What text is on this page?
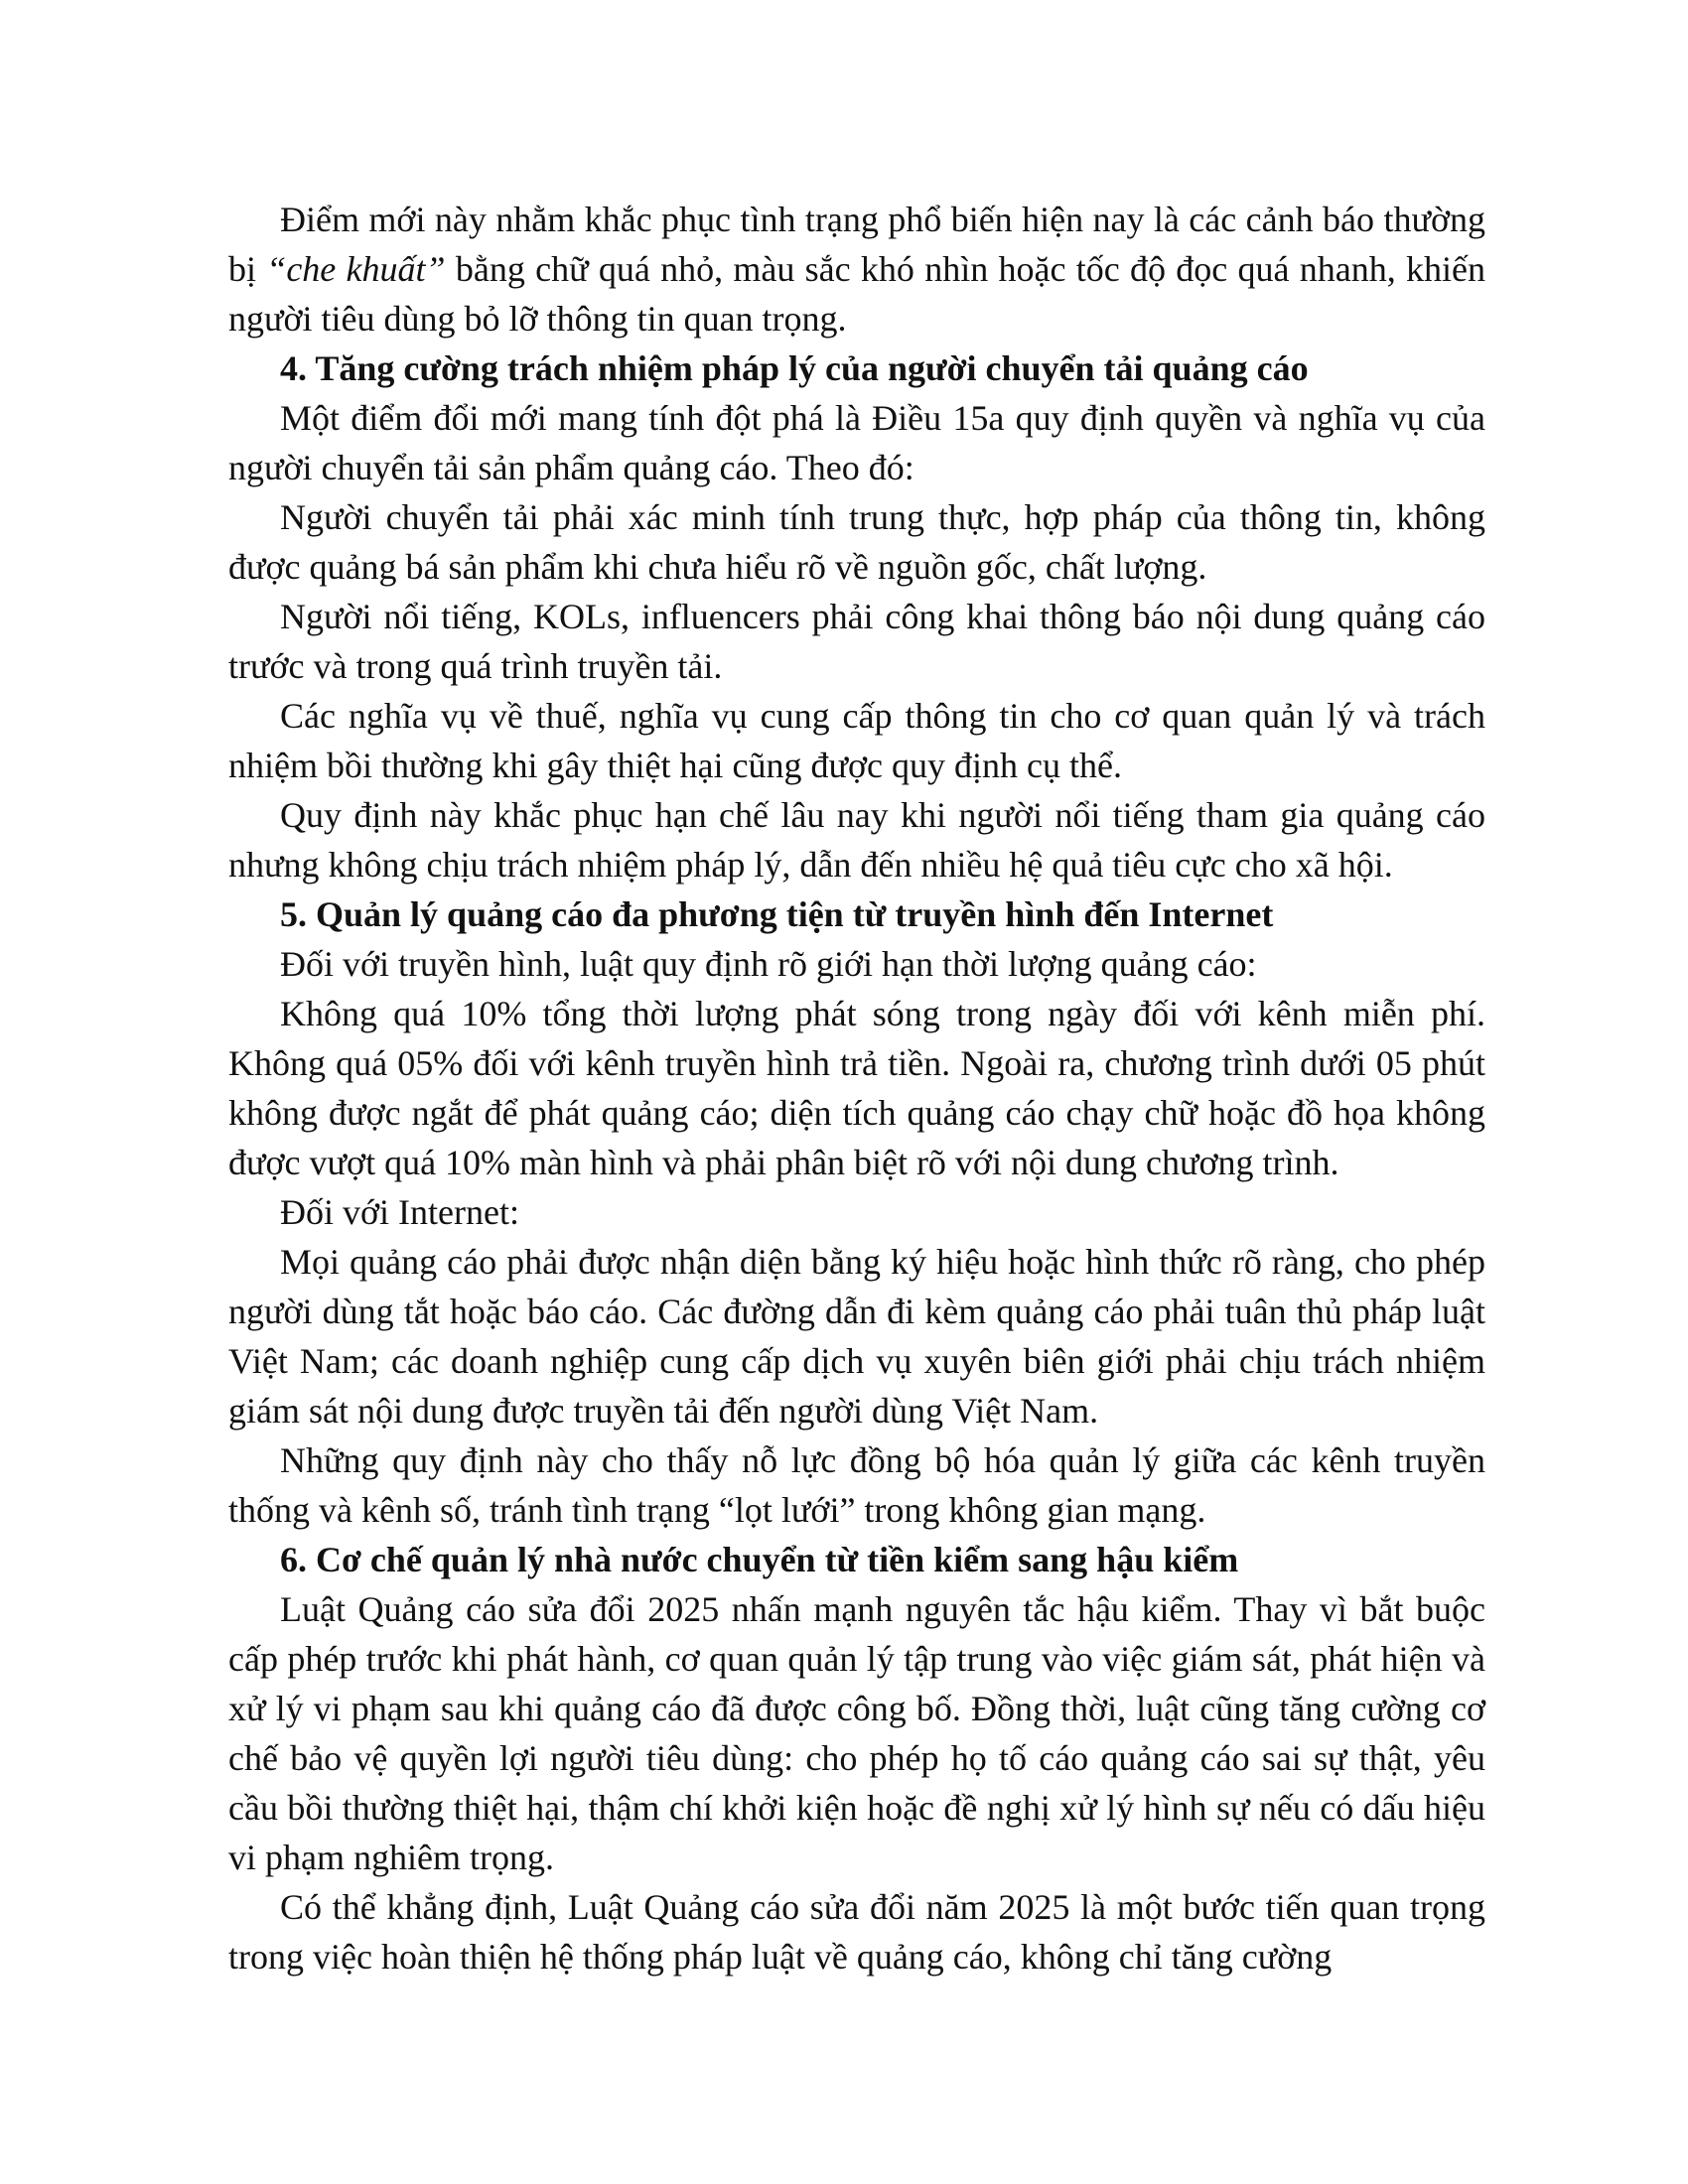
Điểm mới này nhằm khắc phục tình trạng phổ biến hiện nay là các cảnh báo thường bị “che khuất” bằng chữ quá nhỏ, màu sắc khó nhìn hoặc tốc độ đọc quá nhanh, khiến người tiêu dùng bỏ lỡ thông tin quan trọng.

4. Tăng cường trách nhiệm pháp lý của người chuyển tải quảng cáo

Một điểm đổi mới mang tính đột phá là Điều 15a quy định quyền và nghĩa vụ của người chuyển tải sản phẩm quảng cáo. Theo đó:

Người chuyển tải phải xác minh tính trung thực, hợp pháp của thông tin, không được quảng bá sản phẩm khi chưa hiểu rõ về nguồn gốc, chất lượng.

Người nổi tiếng, KOLs, influencers phải công khai thông báo nội dung quảng cáo trước và trong quá trình truyền tải.

Các nghĩa vụ về thuế, nghĩa vụ cung cấp thông tin cho cơ quan quản lý và trách nhiệm bồi thường khi gây thiệt hại cũng được quy định cụ thể.

Quy định này khắc phục hạn chế lâu nay khi người nổi tiếng tham gia quảng cáo nhưng không chịu trách nhiệm pháp lý, dẫn đến nhiều hệ quả tiêu cực cho xã hội.

5. Quản lý quảng cáo đa phương tiện từ truyền hình đến Internet

Đối với truyền hình, luật quy định rõ giới hạn thời lượng quảng cáo:

Không quá 10% tổng thời lượng phát sóng trong ngày đối với kênh miễn phí. Không quá 05% đối với kênh truyền hình trả tiền. Ngoài ra, chương trình dưới 05 phút không được ngắt để phát quảng cáo; diện tích quảng cáo chạy chữ hoặc đồ họa không được vượt quá 10% màn hình và phải phân biệt rõ với nội dung chương trình.

Đối với Internet:

Mọi quảng cáo phải được nhận diện bằng ký hiệu hoặc hình thức rõ ràng, cho phép người dùng tắt hoặc báo cáo. Các đường dẫn đi kèm quảng cáo phải tuân thủ pháp luật Việt Nam; các doanh nghiệp cung cấp dịch vụ xuyên biên giới phải chịu trách nhiệm giám sát nội dung được truyền tải đến người dùng Việt Nam.

Những quy định này cho thấy nỗ lực đồng bộ hóa quản lý giữa các kênh truyền thống và kênh số, tránh tình trạng “lọt lưới” trong không gian mạng.

6. Cơ chế quản lý nhà nước chuyển từ tiền kiểm sang hậu kiểm

Luật Quảng cáo sửa đổi 2025 nhấn mạnh nguyên tắc hậu kiểm. Thay vì bắt buộc cấp phép trước khi phát hành, cơ quan quản lý tập trung vào việc giám sát, phát hiện và xử lý vi phạm sau khi quảng cáo đã được công bố. Đồng thời, luật cũng tăng cường cơ chế bảo vệ quyền lợi người tiêu dùng: cho phép họ tố cáo quảng cáo sai sự thật, yêu cầu bồi thường thiệt hại, thậm chí khởi kiện hoặc đề nghị xử lý hình sự nếu có dấu hiệu vi phạm nghiêm trọng.

Có thể khẳng định, Luật Quảng cáo sửa đổi năm 2025 là một bước tiến quan trọng trong việc hoàn thiện hệ thống pháp luật về quảng cáo, không chỉ tăng cường
